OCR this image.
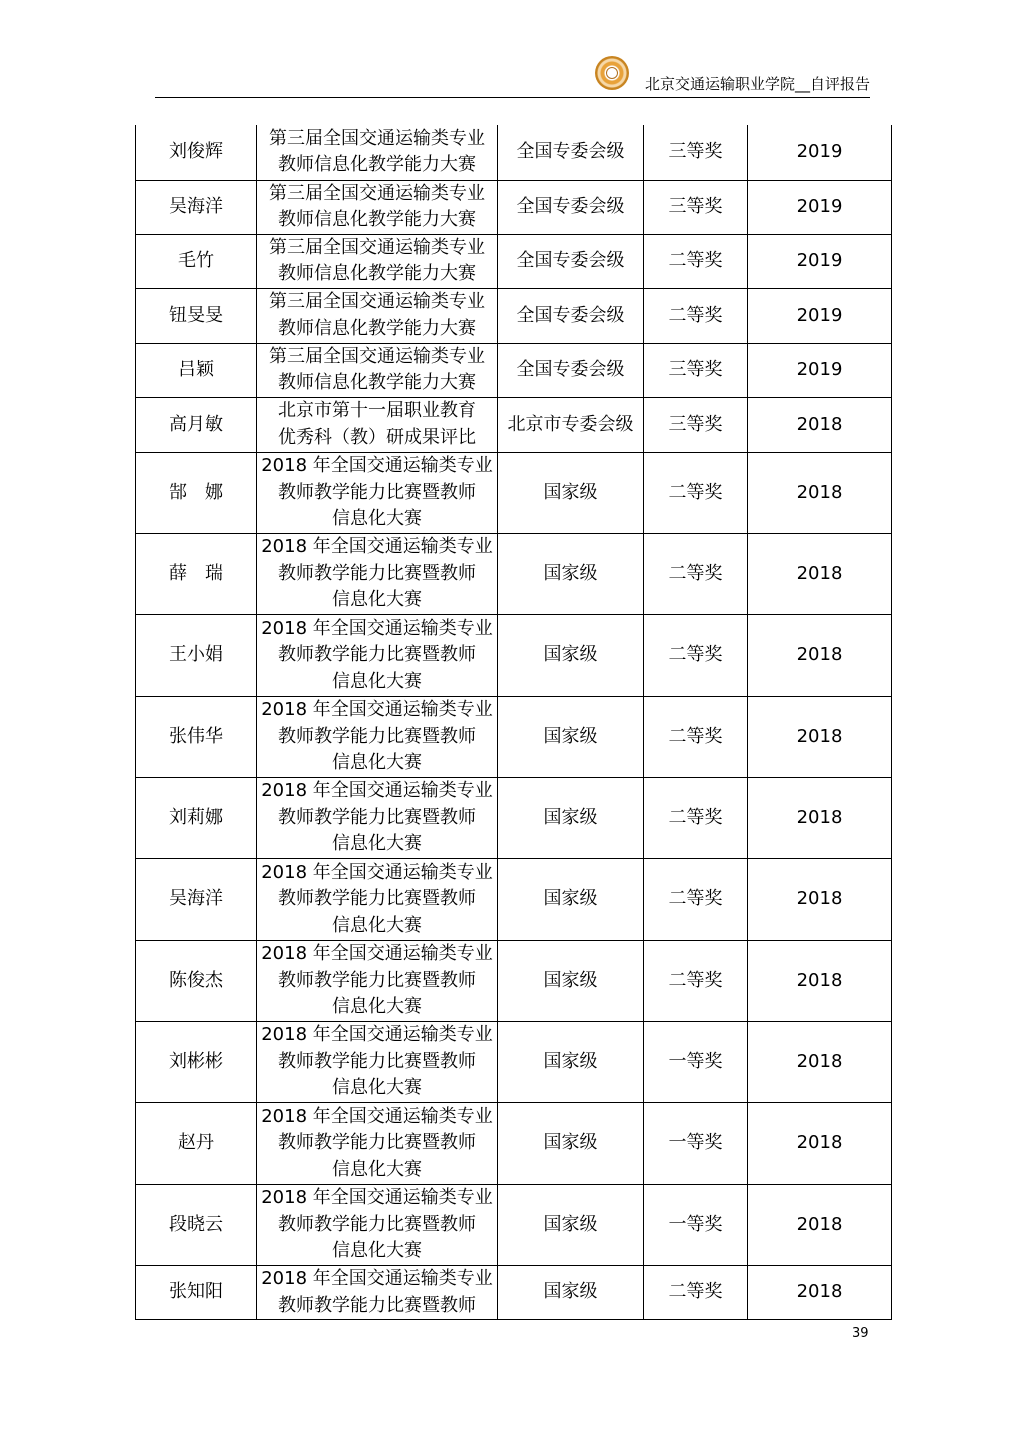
北京交通运输职业学院__自评报告
刘俊辉	第三届全国交通运输类专业
教师信息化教学能力大赛	全国专委会级	三等奖	2019
吴海洋	第三届全国交通运输类专业
教师信息化教学能力大赛	全国专委会级	三等奖	2019
毛竹	第三届全国交通运输类专业
教师信息化教学能力大赛	全国专委会级	二等奖	2019
钮旻旻	第三届全国交通运输类专业
教师信息化教学能力大赛	全国专委会级	二等奖	2019
吕颖	第三届全国交通运输类专业
教师信息化教学能力大赛	全国专委会级	三等奖	2019
高月敏	北京市第十一届职业教育
优秀科（教）研成果评比	北京市专委会级	三等奖	2018
郜　娜	2018 年全国交通运输类专业
教师教学能力比赛暨教师
信息化大赛	国家级	二等奖	2018
薛　瑞	2018 年全国交通运输类专业
教师教学能力比赛暨教师
信息化大赛	国家级	二等奖	2018
王小娟	2018 年全国交通运输类专业
教师教学能力比赛暨教师
信息化大赛	国家级	二等奖	2018
张伟华	2018 年全国交通运输类专业
教师教学能力比赛暨教师
信息化大赛	国家级	二等奖	2018
刘莉娜	2018 年全国交通运输类专业
教师教学能力比赛暨教师
信息化大赛	国家级	二等奖	2018
吴海洋	2018 年全国交通运输类专业
教师教学能力比赛暨教师
信息化大赛	国家级	二等奖	2018
陈俊杰	2018 年全国交通运输类专业
教师教学能力比赛暨教师
信息化大赛	国家级	二等奖	2018
刘彬彬	2018 年全国交通运输类专业
教师教学能力比赛暨教师
信息化大赛	国家级	一等奖	2018
赵丹	2018 年全国交通运输类专业
教师教学能力比赛暨教师
信息化大赛	国家级	一等奖	2018
段晓云	2018 年全国交通运输类专业
教师教学能力比赛暨教师
信息化大赛	国家级	一等奖	2018
张知阳	2018 年全国交通运输类专业
教师教学能力比赛暨教师	国家级	二等奖	2018
39
